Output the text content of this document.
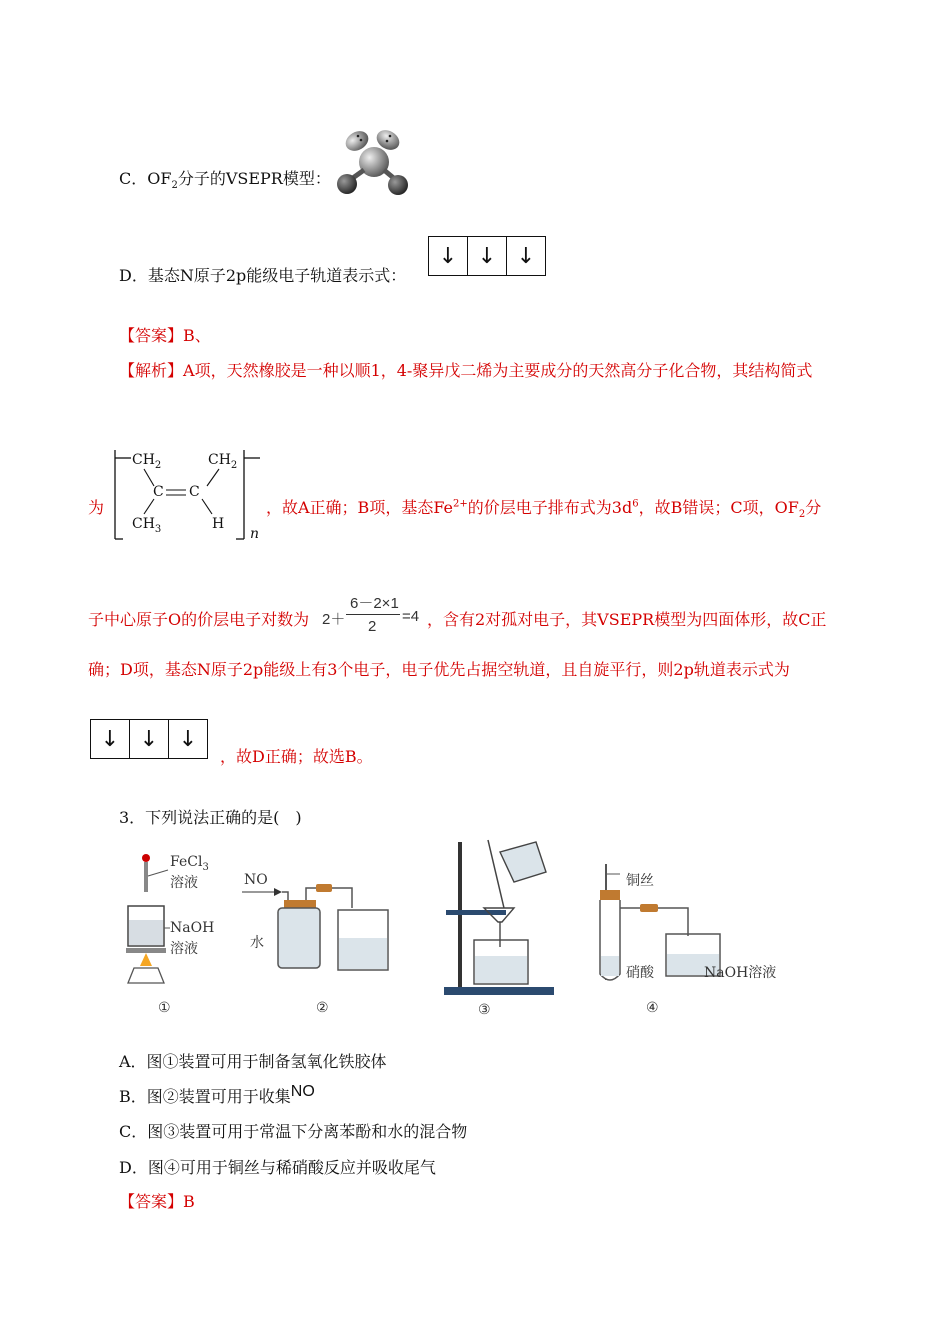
C．$OF_2$分子的VSEPR模型：
D．基态N原子2p能级电子轨道表示式：
↓ ↓ ↓
【答案】B、
【解析】A项，天然橡胶是一种以顺1，4-聚异戊二烯为主要成分的天然高分子化合物，其结构简式
为
$CH_2$	$CH_2$
C C
$CH_3$	H
n
，故A正确；B项，基态$Fe^{2+}$的价层电子排布式为$3d^6$，故B错误；C项，$OF_2$分
子中心原子O的价层电子对数为 2＋
6－2×1
2
=4 ，含有2对孤对电子，其VSEPR模型为四面体形，故C正
确；D项，基态N原子2p能级上有3个电子，电子优先占据空轨道，且自旋平行，则2p轨道表示式为
↓ ↓ ↓
，故D正确；故选B。
3．下列说法正确的是(　)
FeCl$_3$
溶液
NaOH
溶液
①
NO
水
②	③
铜丝
硝酸	NaOH溶液
④
A．图①装置可用于制备氢氧化铁胶体
B．图②装置可用于收集NO
C．图③装置可用于常温下分离苯酚和水的混合物
D．图④可用于铜丝与稀硝酸反应并吸收尾气
【答案】B
